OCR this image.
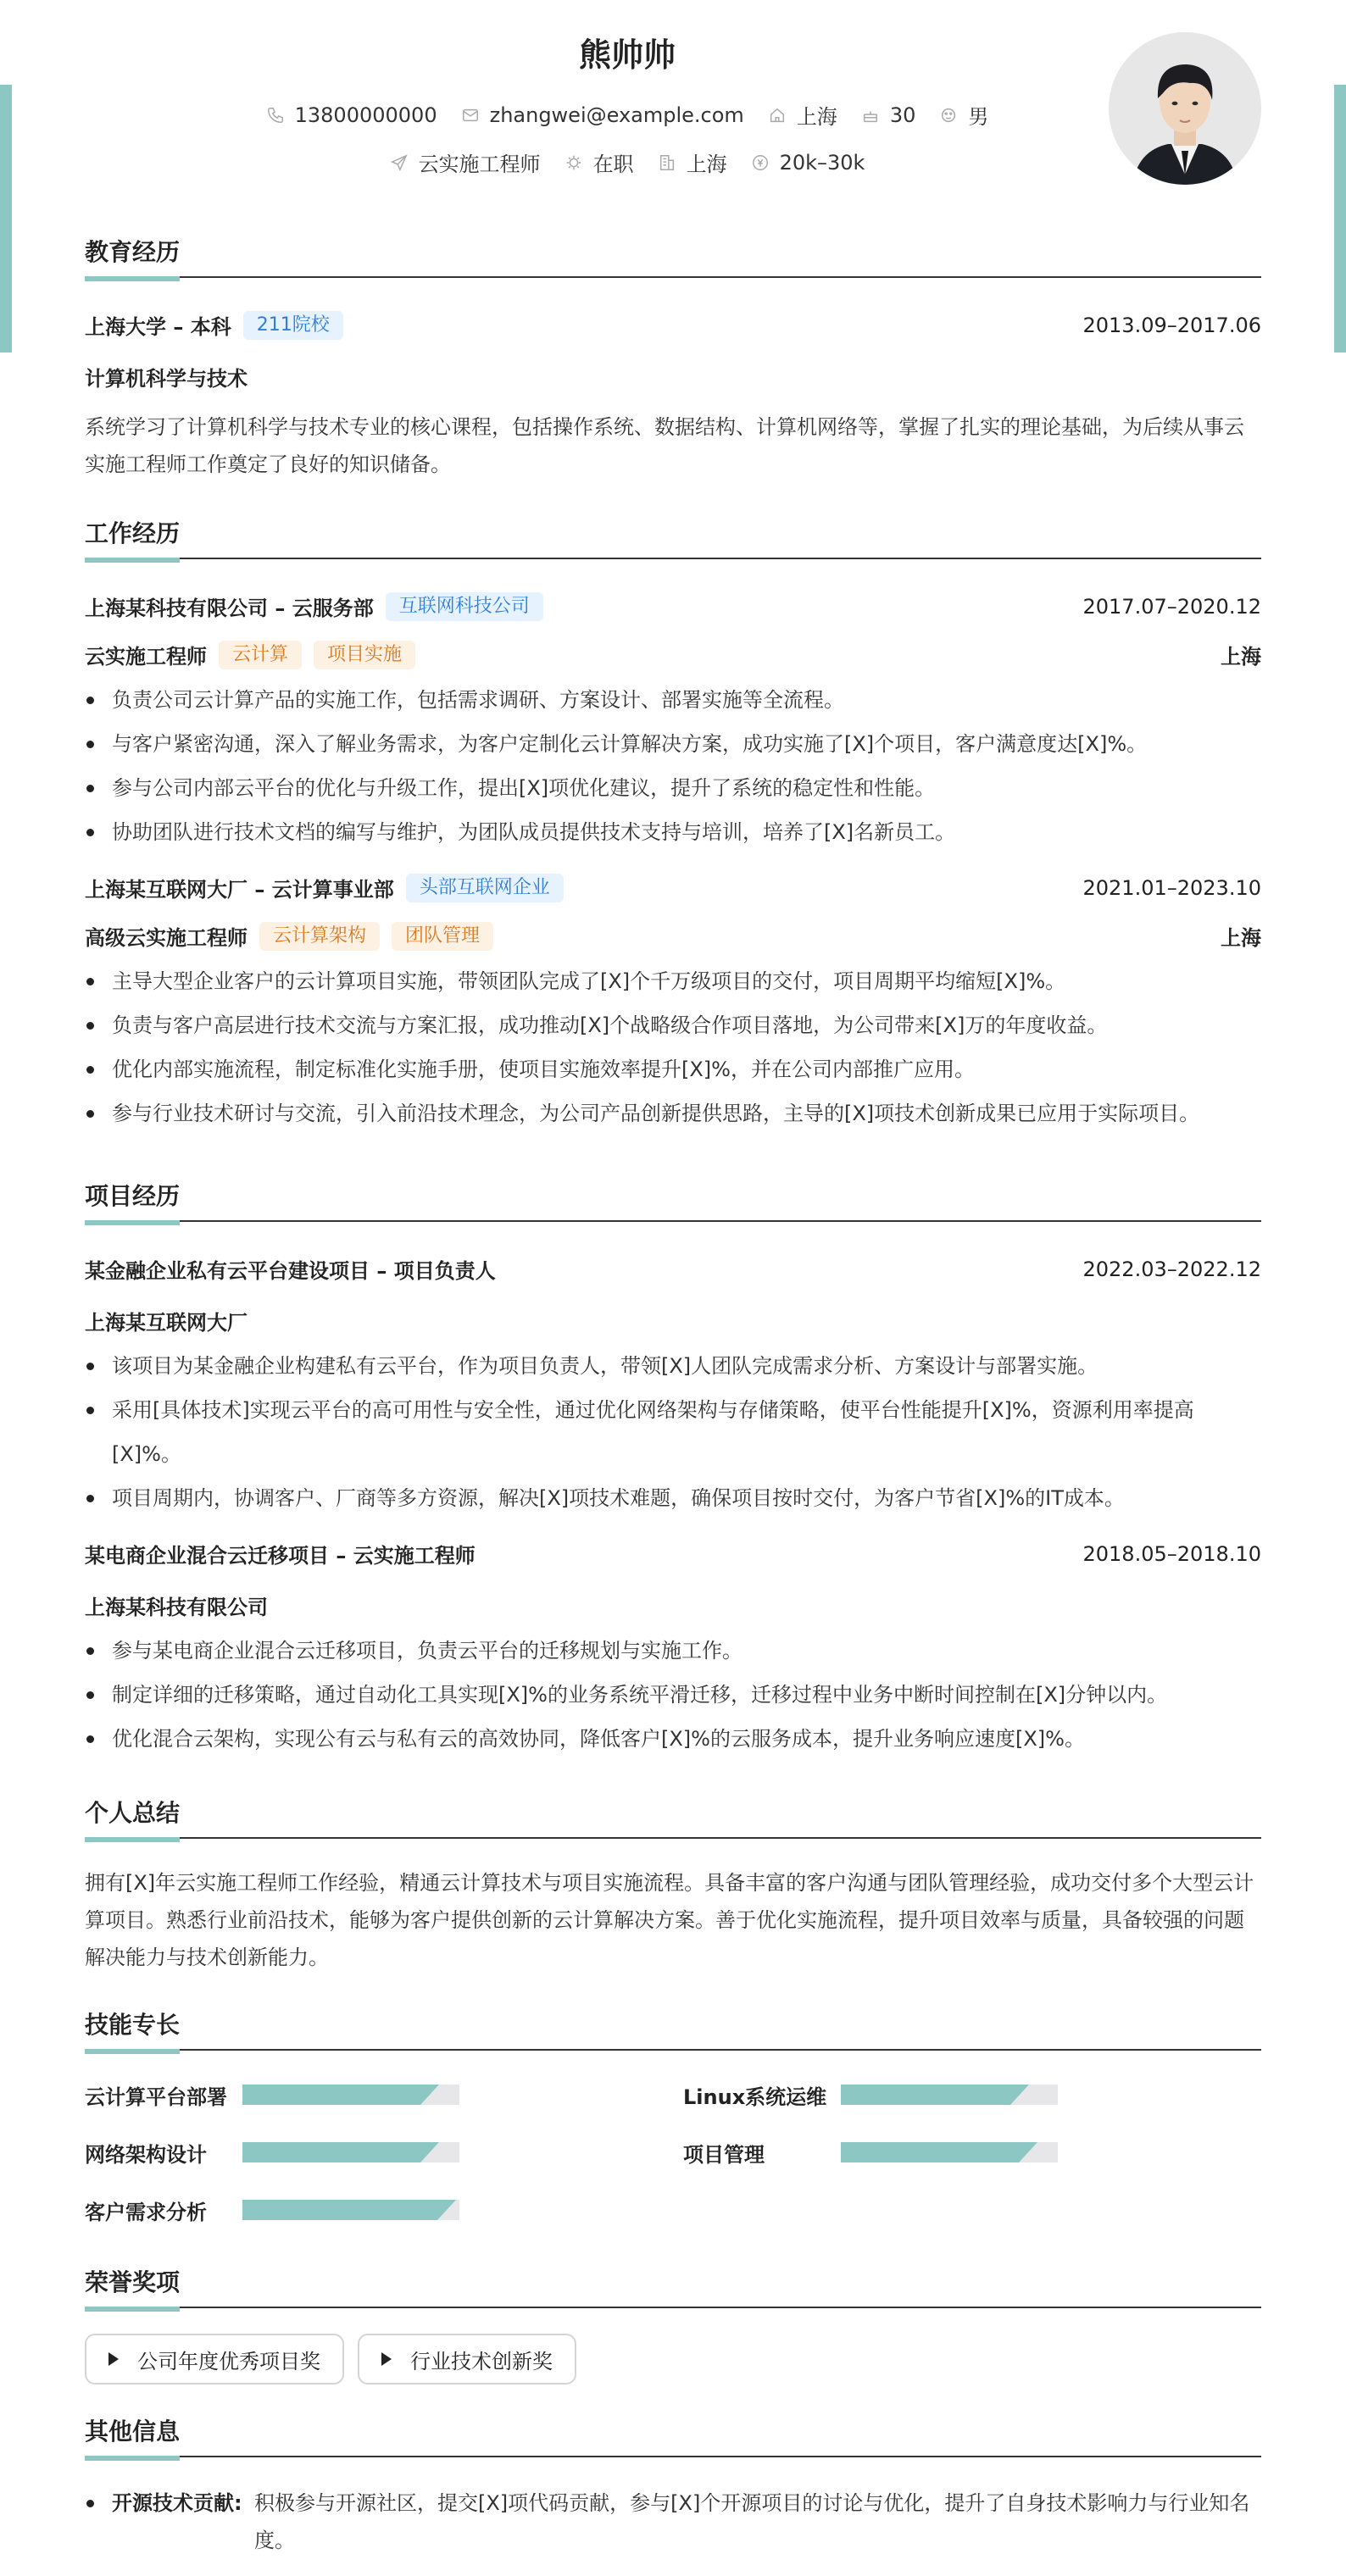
熊帅帅
13800000000	zhangwei@example.com	上海	30	男
云实施工程师	在职	上海	20k–30k
教育经历
上海大学 – 本科	211院校	2013.09–2017.06
计算机科学与技术
系统学习了计算机科学与技术专业的核心课程，包括操作系统、数据结构、计算机网络等，掌握了扎实的理论基础，为后续从事云实施工程师工作奠定了良好的知识储备。
工作经历
上海某科技有限公司 – 云服务部	互联网科技公司	2017.07–2020.12
云实施工程师	云计算	项目实施	上海
负责公司云计算产品的实施工作，包括需求调研、方案设计、部署实施等全流程。
与客户紧密沟通，深入了解业务需求，为客户定制化云计算解决方案，成功实施了[X]个项目，客户满意度达[X]%。
参与公司内部云平台的优化与升级工作，提出[X]项优化建议，提升了系统的稳定性和性能。
协助团队进行技术文档的编写与维护，为团队成员提供技术支持与培训，培养了[X]名新员工。
上海某互联网大厂 – 云计算事业部	头部互联网企业	2021.01–2023.10
高级云实施工程师	云计算架构	团队管理	上海
主导大型企业客户的云计算项目实施，带领团队完成了[X]个千万级项目的交付，项目周期平均缩短[X]%。
负责与客户高层进行技术交流与方案汇报，成功推动[X]个战略级合作项目落地，为公司带来[X]万的年度收益。
优化内部实施流程，制定标准化实施手册，使项目实施效率提升[X]%，并在公司内部推广应用。
参与行业技术研讨与交流，引入前沿技术理念，为公司产品创新提供思路，主导的[X]项技术创新成果已应用于实际项目。
项目经历
某金融企业私有云平台建设项目 – 项目负责人	2022.03–2022.12
上海某互联网大厂
该项目为某金融企业构建私有云平台，作为项目负责人，带领[X]人团队完成需求分析、方案设计与部署实施。
采用[具体技术]实现云平台的高可用性与安全性，通过优化网络架构与存储策略，使平台性能提升[X]%，资源利用率提高[X]%。
项目周期内，协调客户、厂商等多方资源，解决[X]项技术难题，确保项目按时交付，为客户节省[X]%的IT成本。
某电商企业混合云迁移项目 – 云实施工程师	2018.05–2018.10
上海某科技有限公司
参与某电商企业混合云迁移项目，负责云平台的迁移规划与实施工作。
制定详细的迁移策略，通过自动化工具实现[X]%的业务系统平滑迁移，迁移过程中业务中断时间控制在[X]分钟以内。
优化混合云架构，实现公有云与私有云的高效协同，降低客户[X]%的云服务成本，提升业务响应速度[X]%。
个人总结
拥有[X]年云实施工程师工作经验，精通云计算技术与项目实施流程。具备丰富的客户沟通与团队管理经验，成功交付多个大型云计算项目。熟悉行业前沿技术，能够为客户提供创新的云计算解决方案。善于优化实施流程，提升项目效率与质量，具备较强的问题解决能力与技术创新能力。
技能专长
云计算平台部署	Linux系统运维
网络架构设计	项目管理
客户需求分析
荣誉奖项
公司年度优秀项目奖	行业技术创新奖
其他信息
开源技术贡献: 积极参与开源社区，提交[X]项代码贡献，参与[X]个开源项目的讨论与优化，提升了自身技术影响力与行业知名度。
